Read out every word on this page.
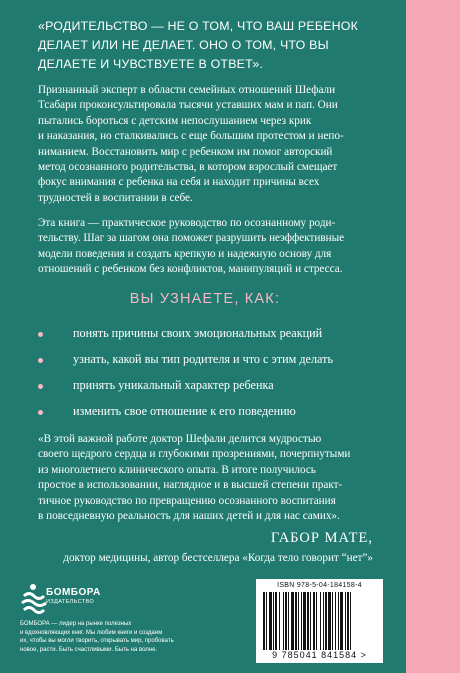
«РОДИТЕЛЬСТВО — НЕ О ТОМ, ЧТО ВАШ РЕБЕНОК
ДЕЛАЕТ ИЛИ НЕ ДЕЛАЕТ. ОНО О ТОМ, ЧТО ВЫ
ДЕЛАЕТЕ И ЧУВСТВУЕТЕ В ОТВЕТ».
Признанный эксперт в области семейных отношений Шефали
Тсабари проконсультировала тысячи уставших мам и пап. Они
пытались бороться с детским непослушанием через крик
и наказания, но сталкивались с еще большим протестом и непо-
ниманием. Восстановить мир с ребенком им помог авторский
метод осознанного родительства, в котором взрослый смещает
фокус внимания с ребенка на себя и находит причины всех
трудностей в воспитании в себе.
Эта книга — практическое руководство по осознанному роди-
тельству. Шаг за шагом она поможет разрушить неэффективные
модели поведения и создать крепкую и надежную основу для
отношений с ребенком без конфликтов, манипуляций и стресса.
ВЫ УЗНАЕТЕ, КАК:
понять причины своих эмоциональных реакций
узнать, какой вы тип родителя и что с этим делать
принять уникальный характер ребенка
изменить свое отношение к его поведению
«В этой важной работе доктор Шефали делится мудростью
своего щедрого сердца и глубокими прозрениями, почерпнутыми
из многолетнего клинического опыта. В итоге получилось
простое в использовании, наглядное и в высшей степени практ-
тичное руководство по превращению осознанного воспитания
в повседневную реальность для наших детей и для нас самих».
ГАБОР МАТЕ,
доктор медицины, автор бестселлера «Когда тело говорит “нет”»
БОМБОРА
ИЗДАТЕЛЬСТВО
БОМБОРА — лидер на рынке полезных
и вдохновляющих книг. Мы любим книги и создаем
их, чтобы вы могли творить, открывать мир, пробовать
новое, расти. Быть счастливыми. Быть на волне.
ISBN 978-5-04-184158-4
9 785041 841584 >
